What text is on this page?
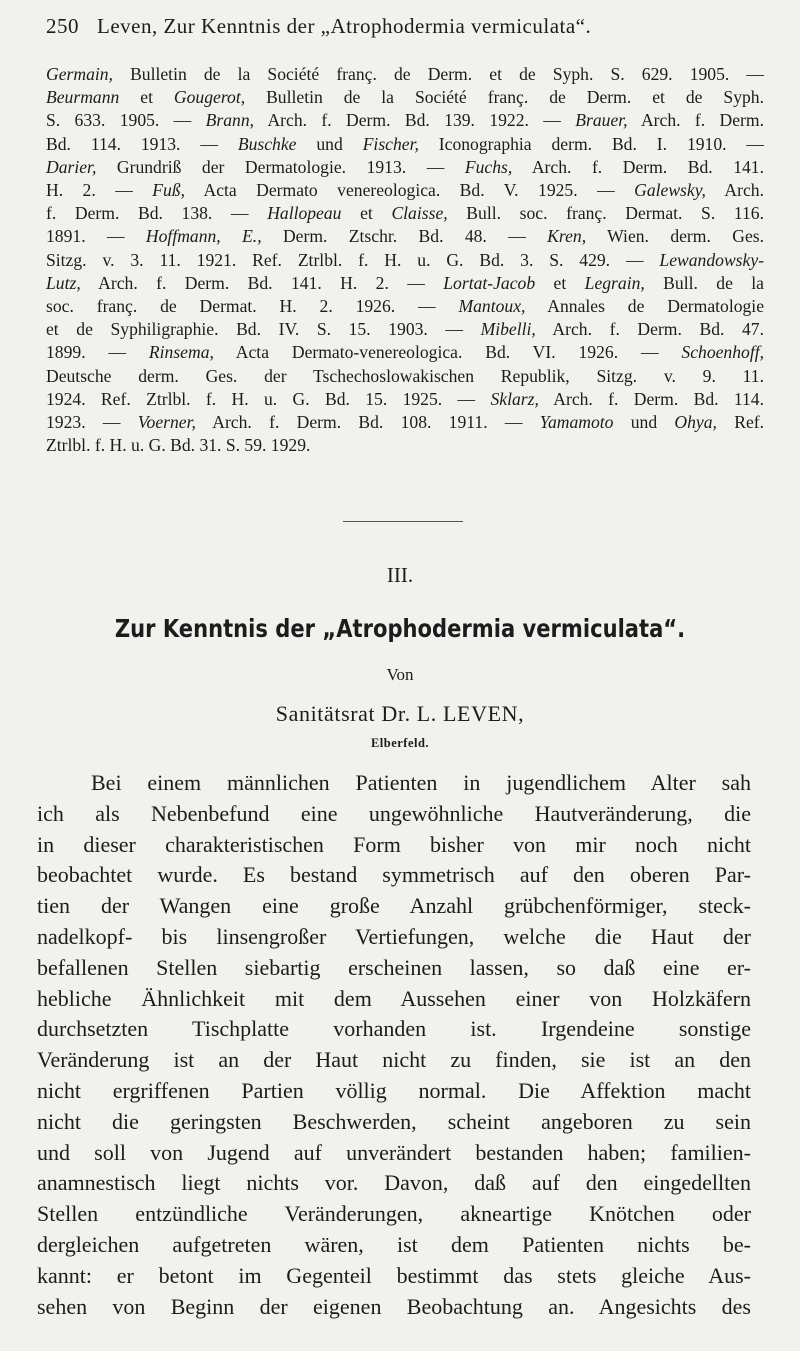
250 Leven, Zur Kenntnis der „Atrophodermia vermiculata“.
Germain, Bulletin de la Société franç. de Derm. et de Syph. S. 629. 1905. —
Beurmann et Gougerot, Bulletin de la Société franç. de Derm. et de Syph.
S. 633. 1905. — Brann, Arch. f. Derm. Bd. 139. 1922. — Brauer, Arch. f. Derm.
Bd. 114. 1913. — Buschke und Fischer, Iconographia derm. Bd. I. 1910. —
Darier, Grundriß der Dermatologie. 1913. — Fuchs, Arch. f. Derm. Bd. 141.
H. 2. — Fuß, Acta Dermato venereologica. Bd. V. 1925. — Galewsky, Arch.
f. Derm. Bd. 138. — Hallopeau et Claisse, Bull. soc. franç. Dermat. S. 116.
1891. — Hoffmann, E., Derm. Ztschr. Bd. 48. — Kren, Wien. derm. Ges.
Sitzg. v. 3. 11. 1921. Ref. Ztrlbl. f. H. u. G. Bd. 3. S. 429. — Lewandowsky-
Lutz, Arch. f. Derm. Bd. 141. H. 2. — Lortat-Jacob et Legrain, Bull. de la
soc. franç. de Dermat. H. 2. 1926. — Mantoux, Annales de Dermatologie
et de Syphiligraphie. Bd. IV. S. 15. 1903. — Mibelli, Arch. f. Derm. Bd. 47.
1899. — Rinsema, Acta Dermato-venereologica. Bd. VI. 1926. — Schoenhoff,
Deutsche derm. Ges. der Tschechoslowakischen Republik, Sitzg. v. 9. 11.
1924. Ref. Ztrlbl. f. H. u. G. Bd. 15. 1925. — Sklarz, Arch. f. Derm. Bd. 114.
1923. — Voerner, Arch. f. Derm. Bd. 108. 1911. — Yamamoto und Ohya, Ref.
Ztrlbl. f. H. u. G. Bd. 31. S. 59. 1929.
III.
Zur Kenntnis der „Atrophodermia vermiculata“.
Von
Sanitätsrat Dr. L. LEVEN,
Elberfeld.
Bei einem männlichen Patienten in jugendlichem Alter sah
ich als Nebenbefund eine ungewöhnliche Hautveränderung, die
in dieser charakteristischen Form bisher von mir noch nicht
beobachtet wurde. Es bestand symmetrisch auf den oberen Par-
tien der Wangen eine große Anzahl grübchenförmiger, steck-
nadelkopf- bis linsengroßer Vertiefungen, welche die Haut der
befallenen Stellen siebartig erscheinen lassen, so daß eine er-
hebliche Ähnlichkeit mit dem Aussehen einer von Holzkäfern
durchsetzten Tischplatte vorhanden ist. Irgendeine sonstige
Veränderung ist an der Haut nicht zu finden, sie ist an den
nicht ergriffenen Partien völlig normal. Die Affektion macht
nicht die geringsten Beschwerden, scheint angeboren zu sein
und soll von Jugend auf unverändert bestanden haben; familien-
anamnestisch liegt nichts vor. Davon, daß auf den eingedellten
Stellen entzündliche Veränderungen, akneartige Knötchen oder
dergleichen aufgetreten wären, ist dem Patienten nichts be-
kannt: er betont im Gegenteil bestimmt das stets gleiche Aus-
sehen von Beginn der eigenen Beobachtung an. Angesichts des
